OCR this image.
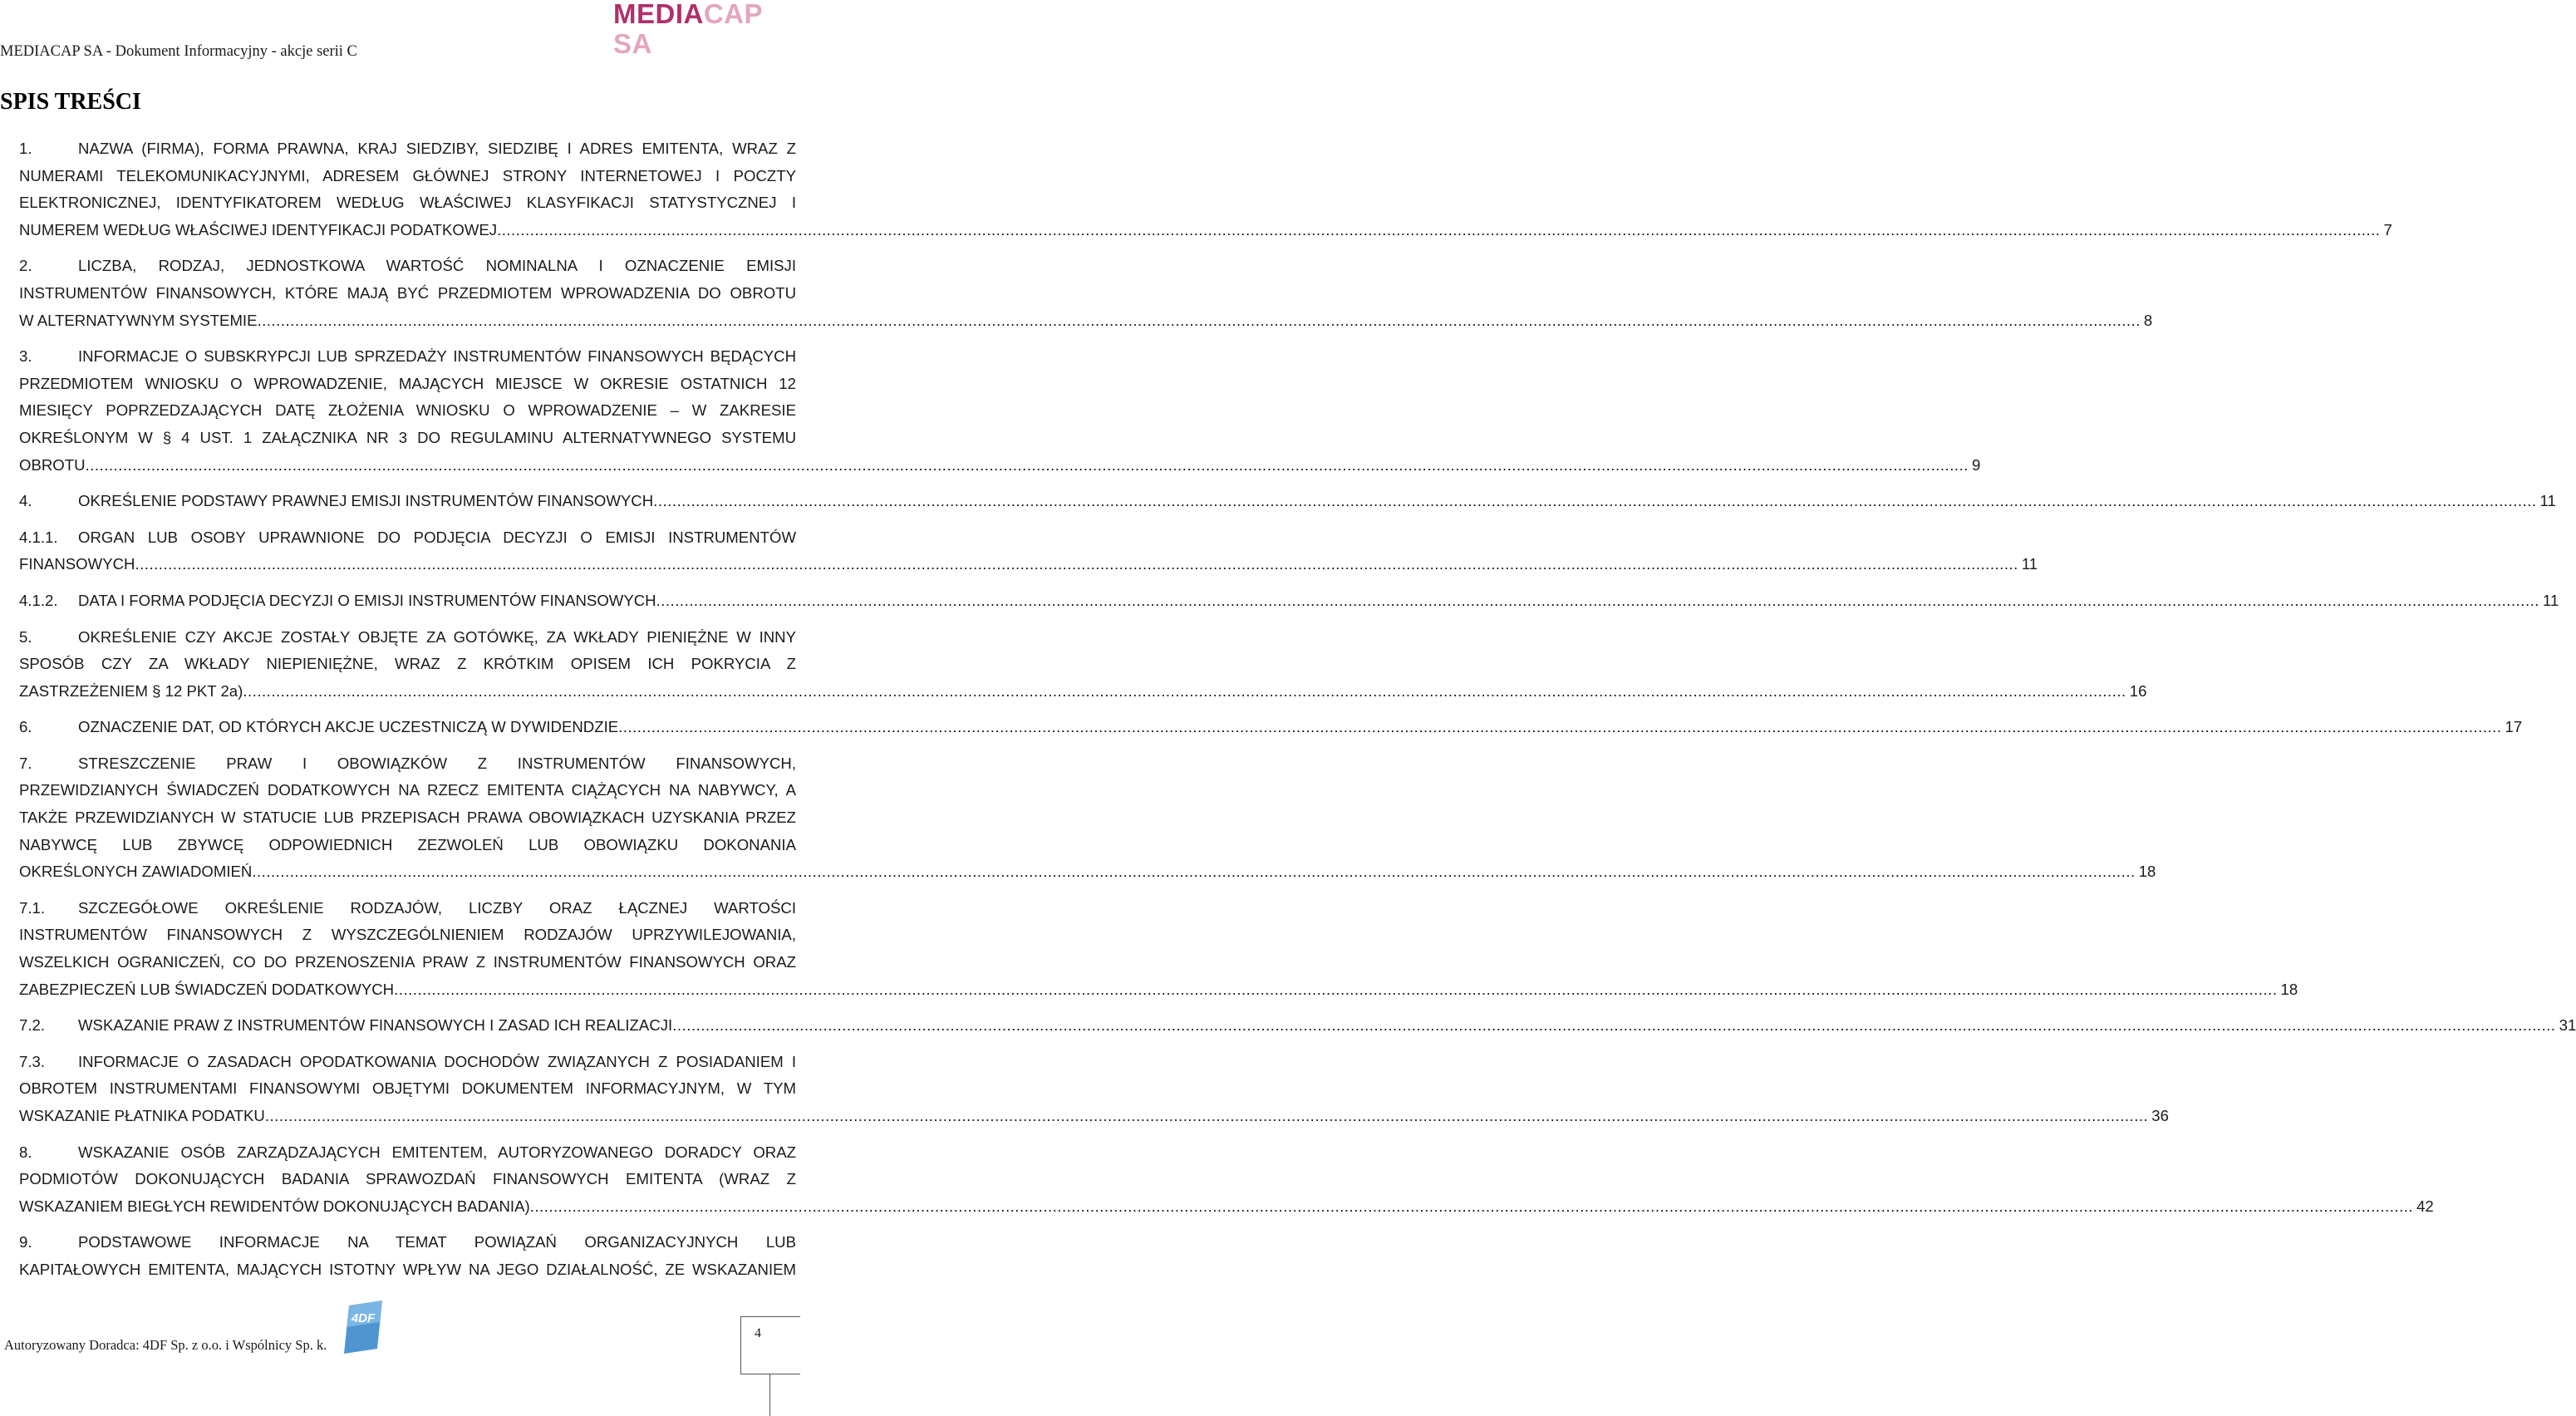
MEDIACAP SA - Dokument Informacyjny - akcje serii C
MEDIACAP
SA
SPIS TREŚCI
1.	NAZWA (FIRMA), FORMA PRAWNA, KRAJ SIEDZIBY, SIEDZIBĘ I ADRES EMITENTA, WRAZ Z
NUMERAMI TELEKOMUNIKACYJNYMI, ADRESEM GŁÓWNEJ STRONY INTERNETOWEJ I POCZTY
ELEKTRONICZNEJ, IDENTYFIKATOREM WEDŁUG WŁAŚCIWEJ KLASYFIKACJI STATYSTYCZNEJ I
NUMEREM WEDŁUG WŁAŚCIWEJ IDENTYFIKACJI PODATKOWEJ ................................................................................................................................................................................................................................................................................................................................................................................................................ 7
2.	LICZBA, RODZAJ, JEDNOSTKOWA WARTOŚĆ NOMINALNA I OZNACZENIE EMISJI
INSTRUMENTÓW FINANSOWYCH, KTÓRE MAJĄ BYĆ PRZEDMIOTEM WPROWADZENIA DO OBROTU
W ALTERNATYWNYM SYSTEMIE ................................................................................................................................................................................................................................................................................................................................................................................................................ 8
3.	INFORMACJE O SUBSKRYPCJI LUB SPRZEDAŻY INSTRUMENTÓW FINANSOWYCH BĘDĄCYCH
PRZEDMIOTEM WNIOSKU O WPROWADZENIE, MAJĄCYCH MIEJSCE W OKRESIE OSTATNICH 12
MIESIĘCY POPRZEDZAJĄCYCH DATĘ ZŁOŻENIA WNIOSKU O WPROWADZENIE – W ZAKRESIE
OKREŚLONYM W § 4 UST. 1 ZAŁĄCZNIKA NR 3 DO REGULAMINU ALTERNATYWNEGO SYSTEMU
OBROTU ................................................................................................................................................................................................................................................................................................................................................................................................................ 9
4.	OKREŚLENIE PODSTAWY PRAWNEJ EMISJI INSTRUMENTÓW FINANSOWYCH ................................................................................................................................................................................................................................................................................................................................................................................................................ 11
4.1.1. ORGAN LUB OSOBY UPRAWNIONE DO PODJĘCIA DECYZJI O EMISJI INSTRUMENTÓW
FINANSOWYCH ................................................................................................................................................................................................................................................................................................................................................................................................................ 11
4.1.2. DATA I FORMA PODJĘCIA DECYZJI O EMISJI INSTRUMENTÓW FINANSOWYCH ................................................................................................................................................................................................................................................................................................................................................................................................................ 11
5.	OKREŚLENIE CZY AKCJE ZOSTAŁY OBJĘTE ZA GOTÓWKĘ, ZA WKŁADY PIENIĘŻNE W INNY
SPOSÓB CZY ZA WKŁADY NIEPIENIĘŻNE, WRAZ Z KRÓTKIM OPISEM ICH POKRYCIA Z
ZASTRZEŻENIEM § 12 PKT 2a) ................................................................................................................................................................................................................................................................................................................................................................................................................ 16
6.	OZNACZENIE DAT, OD KTÓRYCH AKCJE UCZESTNICZĄ W DYWIDENDZIE ................................................................................................................................................................................................................................................................................................................................................................................................................ 17
7.	STRESZCZENIE PRAW I OBOWIĄZKÓW Z INSTRUMENTÓW FINANSOWYCH,
PRZEWIDZIANYCH ŚWIADCZEŃ DODATKOWYCH NA RZECZ EMITENTA CIĄŻĄCYCH NA NABYWCY, A
TAKŻE PRZEWIDZIANYCH W STATUCIE LUB PRZEPISACH PRAWA OBOWIĄZKACH UZYSKANIA PRZEZ
NABYWCĘ LUB ZBYWCĘ ODPOWIEDNICH ZEZWOLEŃ LUB OBOWIĄZKU DOKONANIA
OKREŚLONYCH ZAWIADOMIEŃ ................................................................................................................................................................................................................................................................................................................................................................................................................ 18
7.1. SZCZEGÓŁOWE OKREŚLENIE RODZAJÓW, LICZBY ORAZ ŁĄCZNEJ WARTOŚCI
INSTRUMENTÓW FINANSOWYCH Z WYSZCZEGÓLNIENIEM RODZAJÓW UPRZYWILEJOWANIA,
WSZELKICH OGRANICZEŃ, CO DO PRZENOSZENIA PRAW Z INSTRUMENTÓW FINANSOWYCH ORAZ
ZABEZPIECZEŃ LUB ŚWIADCZEŃ DODATKOWYCH ................................................................................................................................................................................................................................................................................................................................................................................................................ 18
7.2. WSKAZANIE PRAW Z INSTRUMENTÓW FINANSOWYCH I ZASAD ICH REALIZACJI ................................................................................................................................................................................................................................................................................................................................................................................................................ 31
7.3. INFORMACJE O ZASADACH OPODATKOWANIA DOCHODÓW ZWIĄZANYCH Z POSIADANIEM I
OBROTEM INSTRUMENTAMI FINANSOWYMI OBJĘTYMI DOKUMENTEM INFORMACYJNYM, W TYM
WSKAZANIE PŁATNIKA PODATKU ................................................................................................................................................................................................................................................................................................................................................................................................................ 36
8.	WSKAZANIE OSÓB ZARZĄDZAJĄCYCH EMITENTEM, AUTORYZOWANEGO DORADCY ORAZ
PODMIOTÓW DOKONUJĄCYCH BADANIA SPRAWOZDAŃ FINANSOWYCH EMITENTA (WRAZ Z
WSKAZANIEM BIEGŁYCH REWIDENTÓW DOKONUJĄCYCH BADANIA) ................................................................................................................................................................................................................................................................................................................................................................................................................ 42
9.	PODSTAWOWE INFORMACJE NA TEMAT POWIĄZAŃ ORGANIZACYJNYCH LUB
KAPITAŁOWYCH EMITENTA, MAJĄCYCH ISTOTNY WPŁYW NA JEGO DZIAŁALNOŚĆ, ZE WSKAZANIEM
4DF
Autoryzowany Doradca: 4DF Sp. z o.o. i Wspólnicy Sp. k.
4
